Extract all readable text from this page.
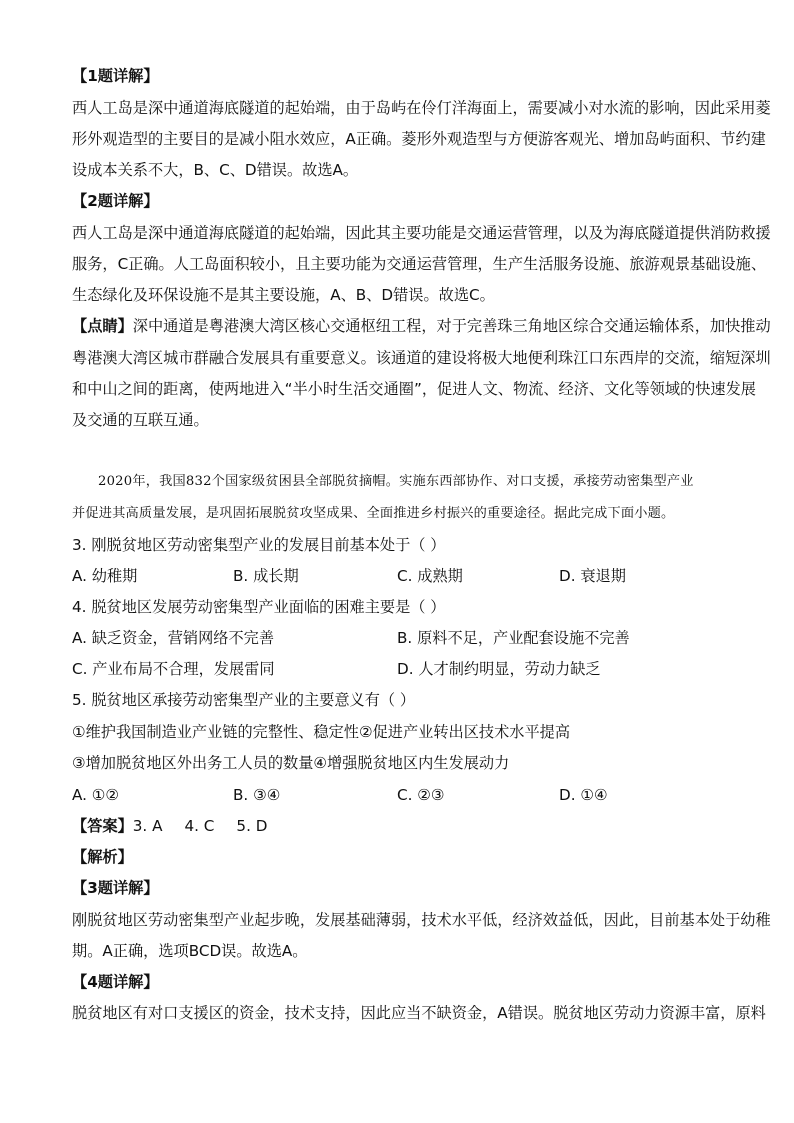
【1题详解】

西人工岛是深中通道海底隧道的起始端，由于岛屿在伶仃洋海面上，需要减小对水流的影响，因此采用菱

形外观造型的主要目的是减小阻水效应，A正确。菱形外观造型与方便游客观光、增加岛屿面积、节约建

设成本关系不大，B、C、D错误。故选A。

【2题详解】

西人工岛是深中通道海底隧道的起始端，因此其主要功能是交通运营管理，以及为海底隧道提供消防救援

服务，C正确。人工岛面积较小，且主要功能为交通运营管理，生产生活服务设施、旅游观景基础设施、

生态绿化及环保设施不是其主要设施，A、B、D错误。故选C。

【点睛】深中通道是粤港澳大湾区核心交通枢纽工程，对于完善珠三角地区综合交通运输体系，加快推动

粤港澳大湾区城市群融合发展具有重要意义。该通道的建设将极大地便利珠江口东西岸的交流，缩短深圳

和中山之间的距离，使两地进入“半小时生活交通圈”，促进人文、物流、经济、文化等领域的快速发展

及交通的互联互通。

2020年，我国832个国家级贫困县全部脱贫摘帽。实施东西部协作、对口支援，承接劳动密集型产业

并促进其高质量发展，是巩固拓展脱贫攻坚成果、全面推进乡村振兴的重要途径。据此完成下面小题。

3. 刚脱贫地区劳动密集型产业的发展目前基本处于（ ）

A. 幼稚期	B. 成长期	C. 成熟期	D. 衰退期

4. 脱贫地区发展劳动密集型产业面临的困难主要是（ ）

A. 缺乏资金，营销网络不完善	B. 原料不足，产业配套设施不完善

C. 产业布局不合理，发展雷同	D. 人才制约明显，劳动力缺乏

5. 脱贫地区承接劳动密集型产业的主要意义有（ ）

①维护我国制造业产业链的完整性、稳定性②促进产业转出区技术水平提高

③增加脱贫地区外出务工人员的数量④增强脱贫地区内生发展动力

A. ①②	B. ③④	C. ②③	D. ①④

【答案】3. A 4. C 5. D

【解析】

【3题详解】

刚脱贫地区劳动密集型产业起步晚，发展基础薄弱，技术水平低，经济效益低，因此，目前基本处于幼稚

期。A正确，选项BCD误。故选A。

【4题详解】

脱贫地区有对口支援区的资金，技术支持，因此应当不缺资金，A错误。脱贫地区劳动力资源丰富，原料
